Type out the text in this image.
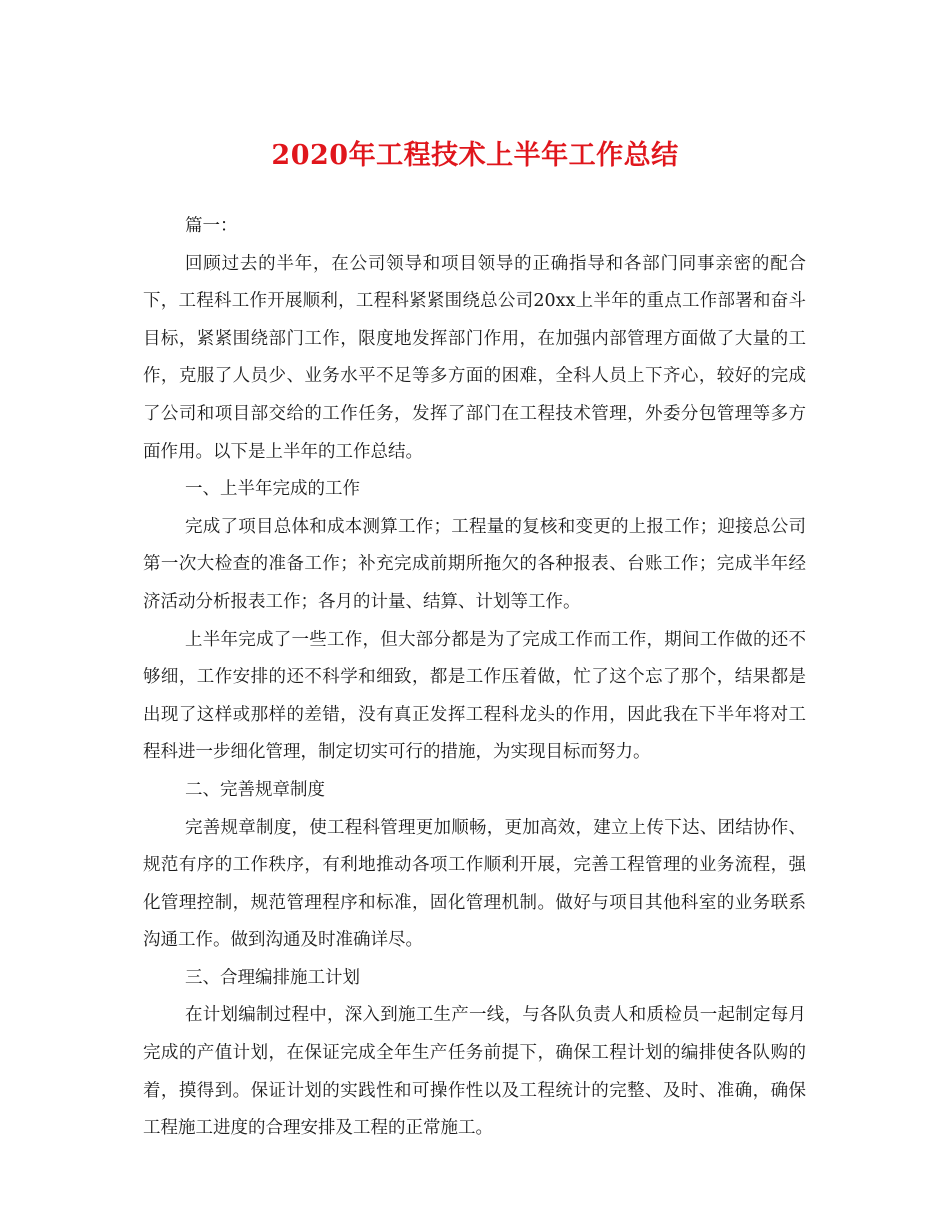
2020年工程技术上半年工作总结

篇一：

回顾过去的半年，在公司领导和项目领导的正确指导和各部门同事亲密的配合下，工程科工作开展顺利，工程科紧紧围绕总公司20xx上半年的重点工作部署和奋斗目标，紧紧围绕部门工作，限度地发挥部门作用，在加强内部管理方面做了大量的工作，克服了人员少、业务水平不足等多方面的困难，全科人员上下齐心，较好的完成了公司和项目部交给的工作任务，发挥了部门在工程技术管理，外委分包管理等多方面作用。以下是上半年的工作总结。

一、上半年完成的工作

完成了项目总体和成本测算工作；工程量的复核和变更的上报工作；迎接总公司第一次大检查的准备工作；补充完成前期所拖欠的各种报表、台账工作；完成半年经济活动分析报表工作；各月的计量、结算、计划等工作。

上半年完成了一些工作，但大部分都是为了完成工作而工作，期间工作做的还不够细，工作安排的还不科学和细致，都是工作压着做，忙了这个忘了那个，结果都是出现了这样或那样的差错，没有真正发挥工程科龙头的作用，因此我在下半年将对工程科进一步细化管理，制定切实可行的措施，为实现目标而努力。

二、完善规章制度

完善规章制度，使工程科管理更加顺畅，更加高效，建立上传下达、团结协作、规范有序的工作秩序，有利地推动各项工作顺利开展，完善工程管理的业务流程，强化管理控制，规范管理程序和标准，固化管理机制。做好与项目其他科室的业务联系沟通工作。做到沟通及时准确详尽。

三、合理编排施工计划

在计划编制过程中，深入到施工生产一线，与各队负责人和质检员一起制定每月完成的产值计划，在保证完成全年生产任务前提下，确保工程计划的编排使各队购的着，摸得到。保证计划的实践性和可操作性以及工程统计的完整、及时、准确，确保工程施工进度的合理安排及工程的正常施工。
